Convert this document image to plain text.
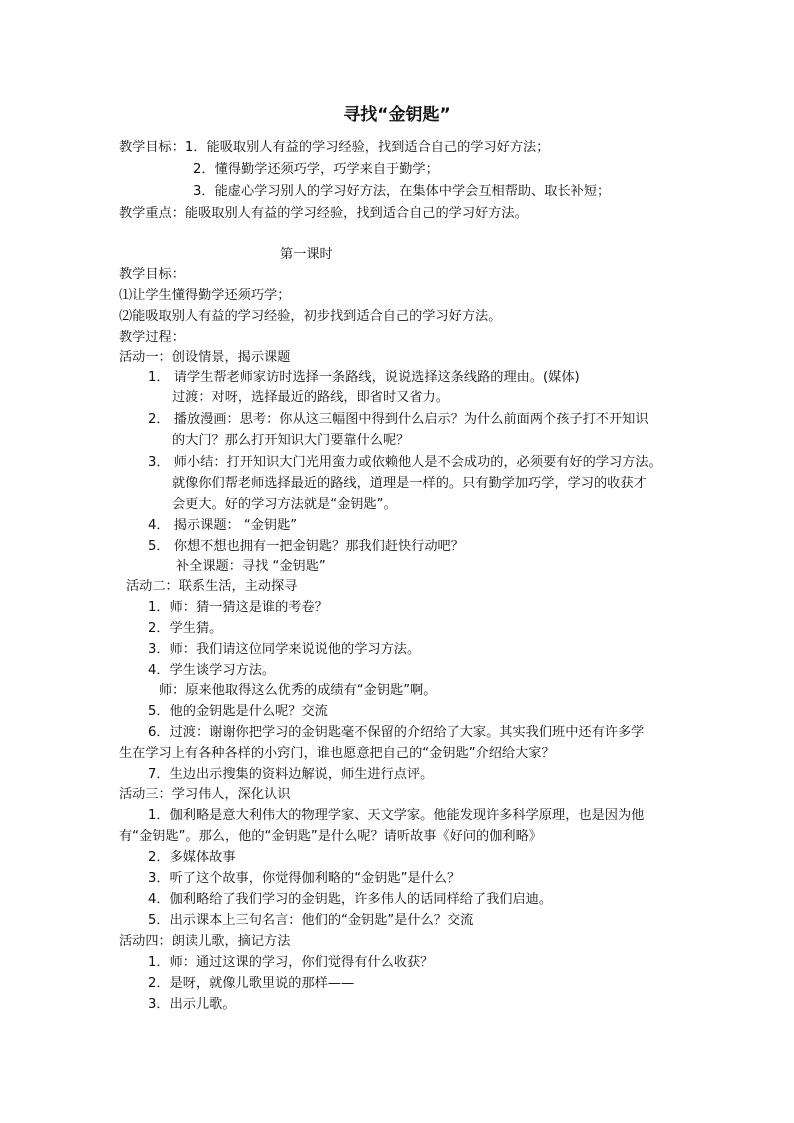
寻找“金钥匙”
教学目标：1．能吸取别人有益的学习经验，找到适合自己的学习好方法；
2．懂得勤学还须巧学，巧学来自于勤学；
3．能虚心学习别人的学习好方法，在集体中学会互相帮助、取长补短；
教学重点：能吸取别人有益的学习经验，找到适合自己的学习好方法。
第一课时
教学目标：
⑴让学生懂得勤学还须巧学；
⑵能吸取别人有益的学习经验，初步找到适合自己的学习好方法。
教学过程：
活动一：创设情景，揭示课题
1． 请学生帮老师家访时选择一条路线，说说选择这条线路的理由。(媒体)
过渡：对呀，选择最近的路线，即省时又省力。
2． 播放漫画：思考：你从这三幅图中得到什么启示？为什么前面两个孩子打不开知识
的大门？那么打开知识大门要靠什么呢？
3． 师小结：打开知识大门光用蛮力或依赖他人是不会成功的，必须要有好的学习方法。
就像你们帮老师选择最近的路线，道理是一样的。只有勤学加巧学，学习的收获才
会更大。好的学习方法就是“金钥匙”。
4． 揭示课题： “金钥匙”
5． 你想不想也拥有一把金钥匙？那我们赶快行动吧？
补全课题：寻找 “金钥匙”
活动二：联系生活，主动探寻
1．师：猜一猜这是谁的考卷？
2．学生猜。
3．师：我们请这位同学来说说他的学习方法。
4．学生谈学习方法。
师：原来他取得这么优秀的成绩有“金钥匙”啊。
5．他的金钥匙是什么呢？交流
6．过渡：谢谢你把学习的金钥匙毫不保留的介绍给了大家。其实我们班中还有许多学
生在学习上有各种各样的小窍门，谁也愿意把自己的“金钥匙”介绍给大家？
7．生边出示搜集的资料边解说，师生进行点评。
活动三：学习伟人，深化认识
1．伽利略是意大利伟大的物理学家、天文学家。他能发现许多科学原理，也是因为他
有“金钥匙”。那么，他的“金钥匙”是什么呢？请听故事《好问的伽利略》
2．多媒体故事
3．听了这个故事，你觉得伽利略的“金钥匙”是什么？
4．伽利略给了我们学习的金钥匙，许多伟人的话同样给了我们启迪。
5．出示课本上三句名言：他们的“金钥匙”是什么？交流
活动四：朗读儿歌，摘记方法
1．师：通过这课的学习，你们觉得有什么收获？
2．是呀，就像儿歌里说的那样——
3．出示儿歌。
